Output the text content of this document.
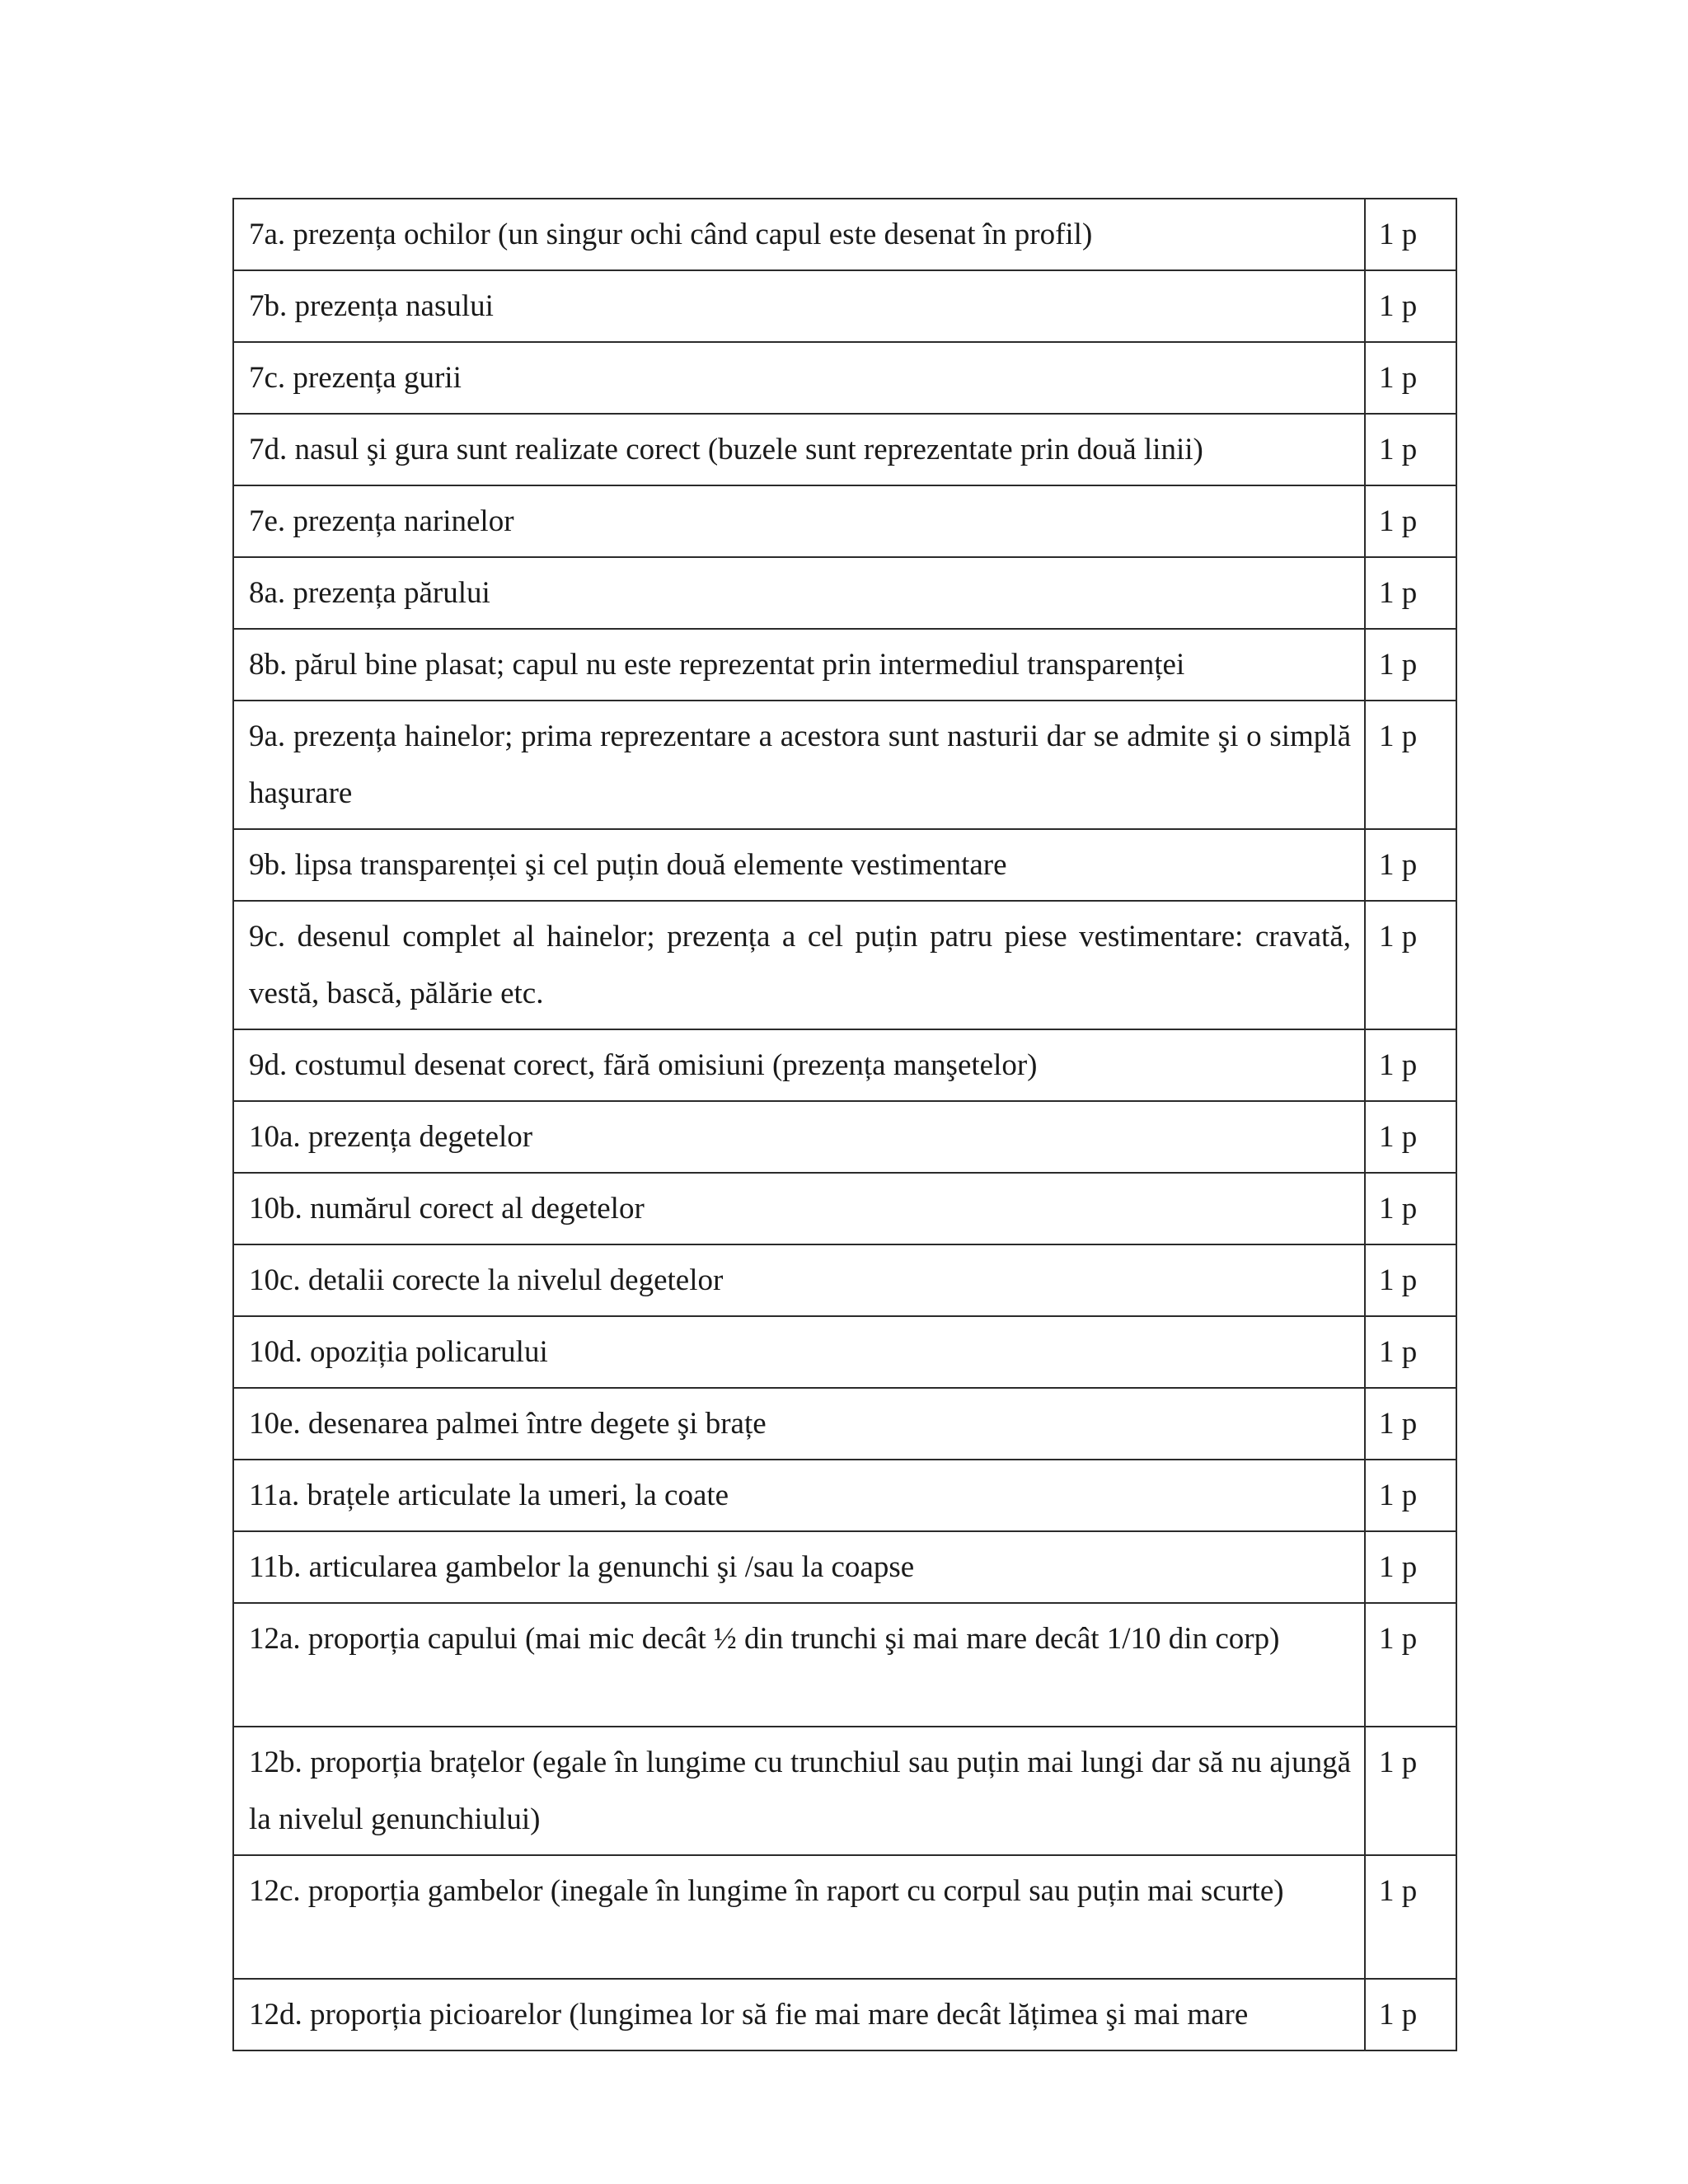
7a. prezența ochilor (un singur ochi când capul este desenat în profil)	1 p
7b. prezența nasului	1 p
7c. prezența gurii	1 p
7d. nasul şi gura sunt realizate corect (buzele sunt reprezentate prin două linii)	1 p
7e. prezența narinelor	1 p
8a. prezența părului	1 p
8b. părul bine plasat; capul nu este reprezentat prin intermediul transparenței	1 p
9a. prezența hainelor; prima reprezentare a acestora sunt nasturii dar se admite şi o simplă haşurare	1 p
9b. lipsa transparenței şi cel puțin două elemente vestimentare	1 p
9c. desenul complet al hainelor; prezența a cel puțin patru piese vestimentare: cravată, vestă, bască, pălărie etc.	1 p
9d. costumul desenat corect, fără omisiuni (prezența manşetelor)	1 p
10a. prezența degetelor	1 p
10b. numărul corect al degetelor	1 p
10c. detalii corecte la nivelul degetelor	1 p
10d. opoziția policarului	1 p
10e. desenarea palmei între degete şi brațe	1 p
11a. brațele articulate la umeri, la coate	1 p
11b. articularea gambelor la genunchi şi /sau la coapse	1 p
12a. proporția capului (mai mic decât ½ din trunchi şi mai mare decât 1/10 din corp)	1 p
12b. proporția brațelor (egale în lungime cu trunchiul sau puțin mai lungi dar să nu ajungă la nivelul genunchiului)	1 p
12c. proporția gambelor (inegale în lungime în raport cu corpul sau puțin mai scurte)	1 p
12d. proporția picioarelor (lungimea lor să fie mai mare decât lățimea şi mai mare	1 p
